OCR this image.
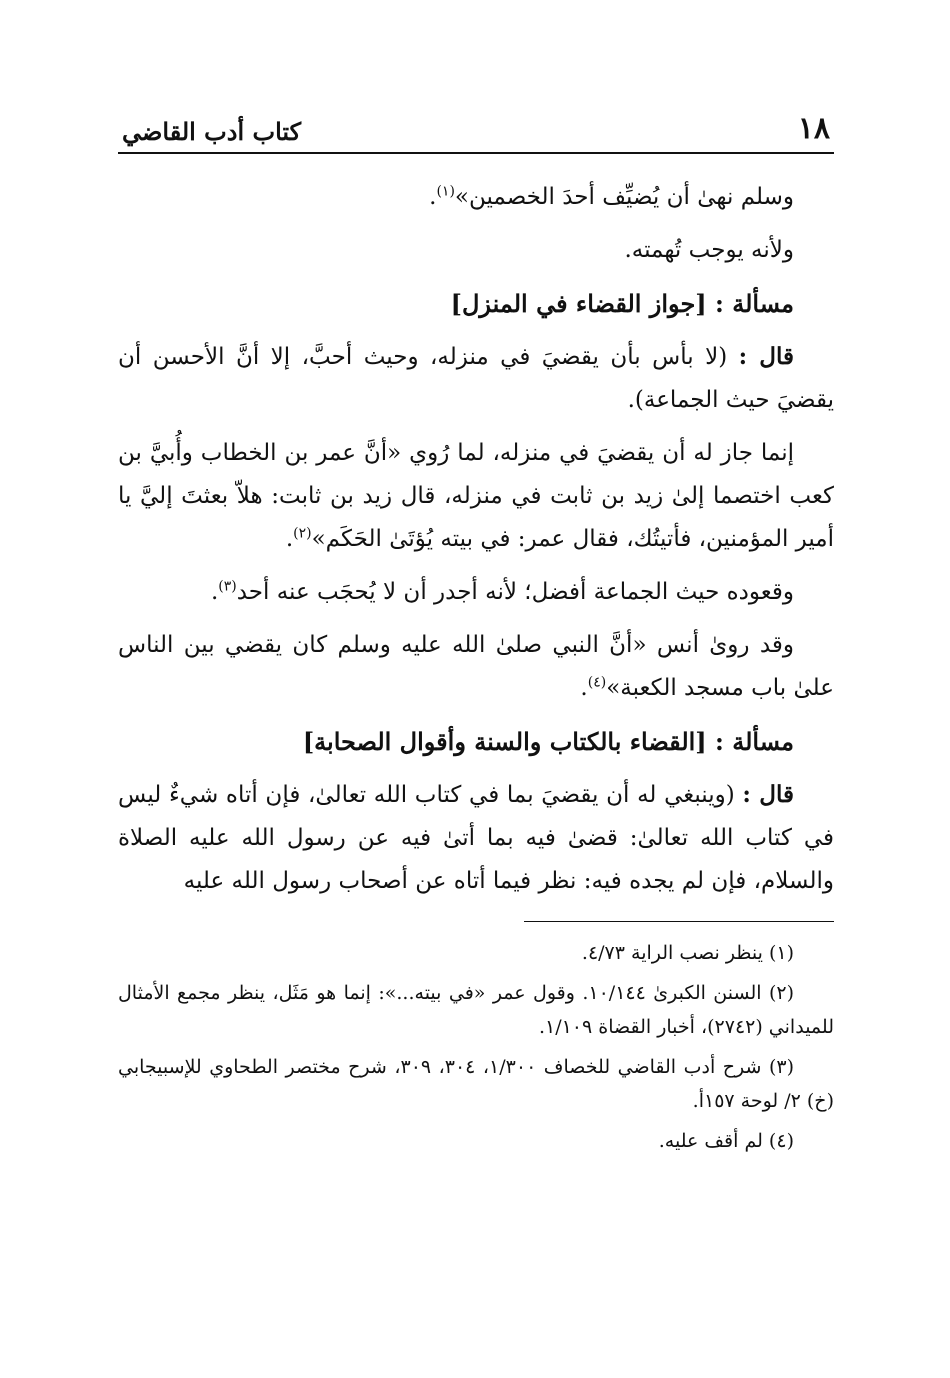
١٨
كتاب أدب القاضي

وسلم نهىٰ أن يُضيِّف أحدَ الخصمين»$^{(١)}$.

ولأنه يوجب تُهمته.

مسألة : [جواز القضاء في المنزل]

قال : (لا بأس بأن يقضيَ في منزله، وحيث أحبَّ، إلا أنَّ الأحسن أن يقضيَ حيث الجماعة).

إنما جاز له أن يقضيَ في منزله، لما رُوي «أنَّ عمر بن الخطاب وأُبيَّ بن كعب اختصما إلىٰ زيد بن ثابت في منزله، قال زيد بن ثابت: هلاّ بعثتَ إليَّ يا أمير المؤمنين، فأتيتُك، فقال عمر: في بيته يُؤتَىٰ الحَكَم»$^{(٢)}$.

وقعوده حيث الجماعة أفضل؛ لأنه أجدر أن لا يُحجَب عنه أحد$^{(٣)}$.

وقد روىٰ أنس «أنَّ النبي صلىٰ الله عليه وسلم كان يقضي بين الناس علىٰ باب مسجد الكعبة»$^{(٤)}$.

مسألة : [القضاء بالكتاب والسنة وأقوال الصحابة]

قال : (وينبغي له أن يقضيَ بما في كتاب الله تعالىٰ، فإن أتاه شيءٌ ليس في كتاب الله تعالىٰ: قضىٰ فيه بما أتىٰ فيه عن رسول الله عليه الصلاة والسلام، فإن لم يجده فيه: نظر فيما أتاه عن أصحاب رسول الله عليه

(١) ينظر نصب الراية ٤/٧٣.

(٢) السنن الكبرىٰ ١٠/١٤٤. وقول عمر «في بيته...»: إنما هو مَثَل، ينظر مجمع الأمثال للميداني (٢٧٤٢)، أخبار القضاة ١/١٠٩.

(٣) شرح أدب القاضي للخصاف ١/٣٠٠، ٣٠٤، ٣٠٩، شرح مختصر الطحاوي للإسبيجابي (خ) ٢/ لوحة ١٥٧أ.

(٤) لم أقف عليه.
